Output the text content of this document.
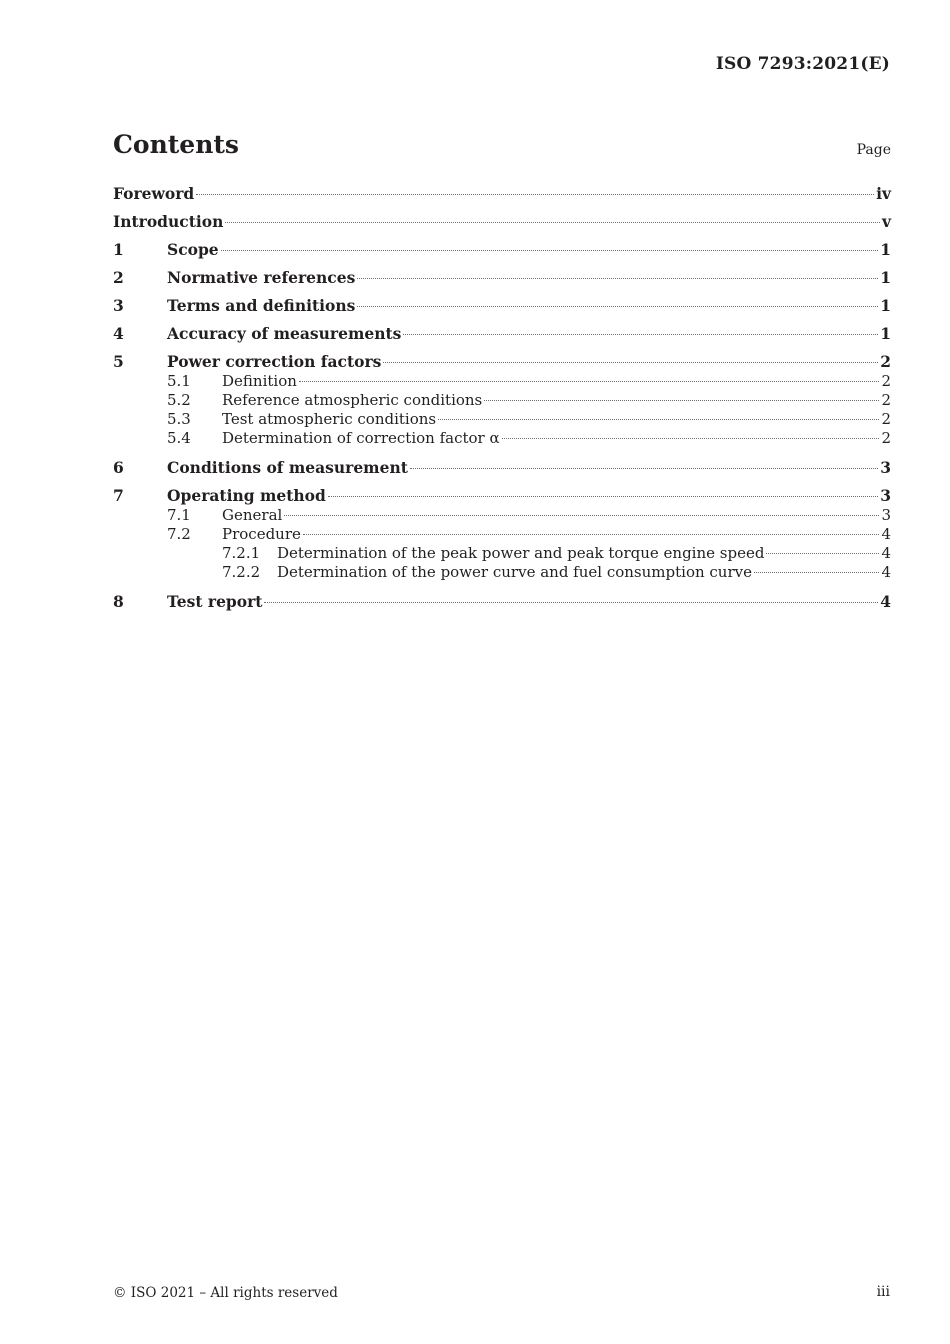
ISO 7293:2021(E)
Contents	Page
Foreword	iv
Introduction	v
1	Scope	1
2	Normative references	1
3	Terms and definitions	1
4	Accuracy of measurements	1
5	Power correction factors	2
5.1	Definition	2
5.2	Reference atmospheric conditions	2
5.3	Test atmospheric conditions	2
5.4	Determination of correction factor α	2
6	Conditions of measurement	3
7	Operating method	3
7.1	General	3
7.2	Procedure	4
7.2.1	Determination of the peak power and peak torque engine speed	4
7.2.2	Determination of the power curve and fuel consumption curve	4
8	Test report	4
© ISO 2021 – All rights reserved	iii
